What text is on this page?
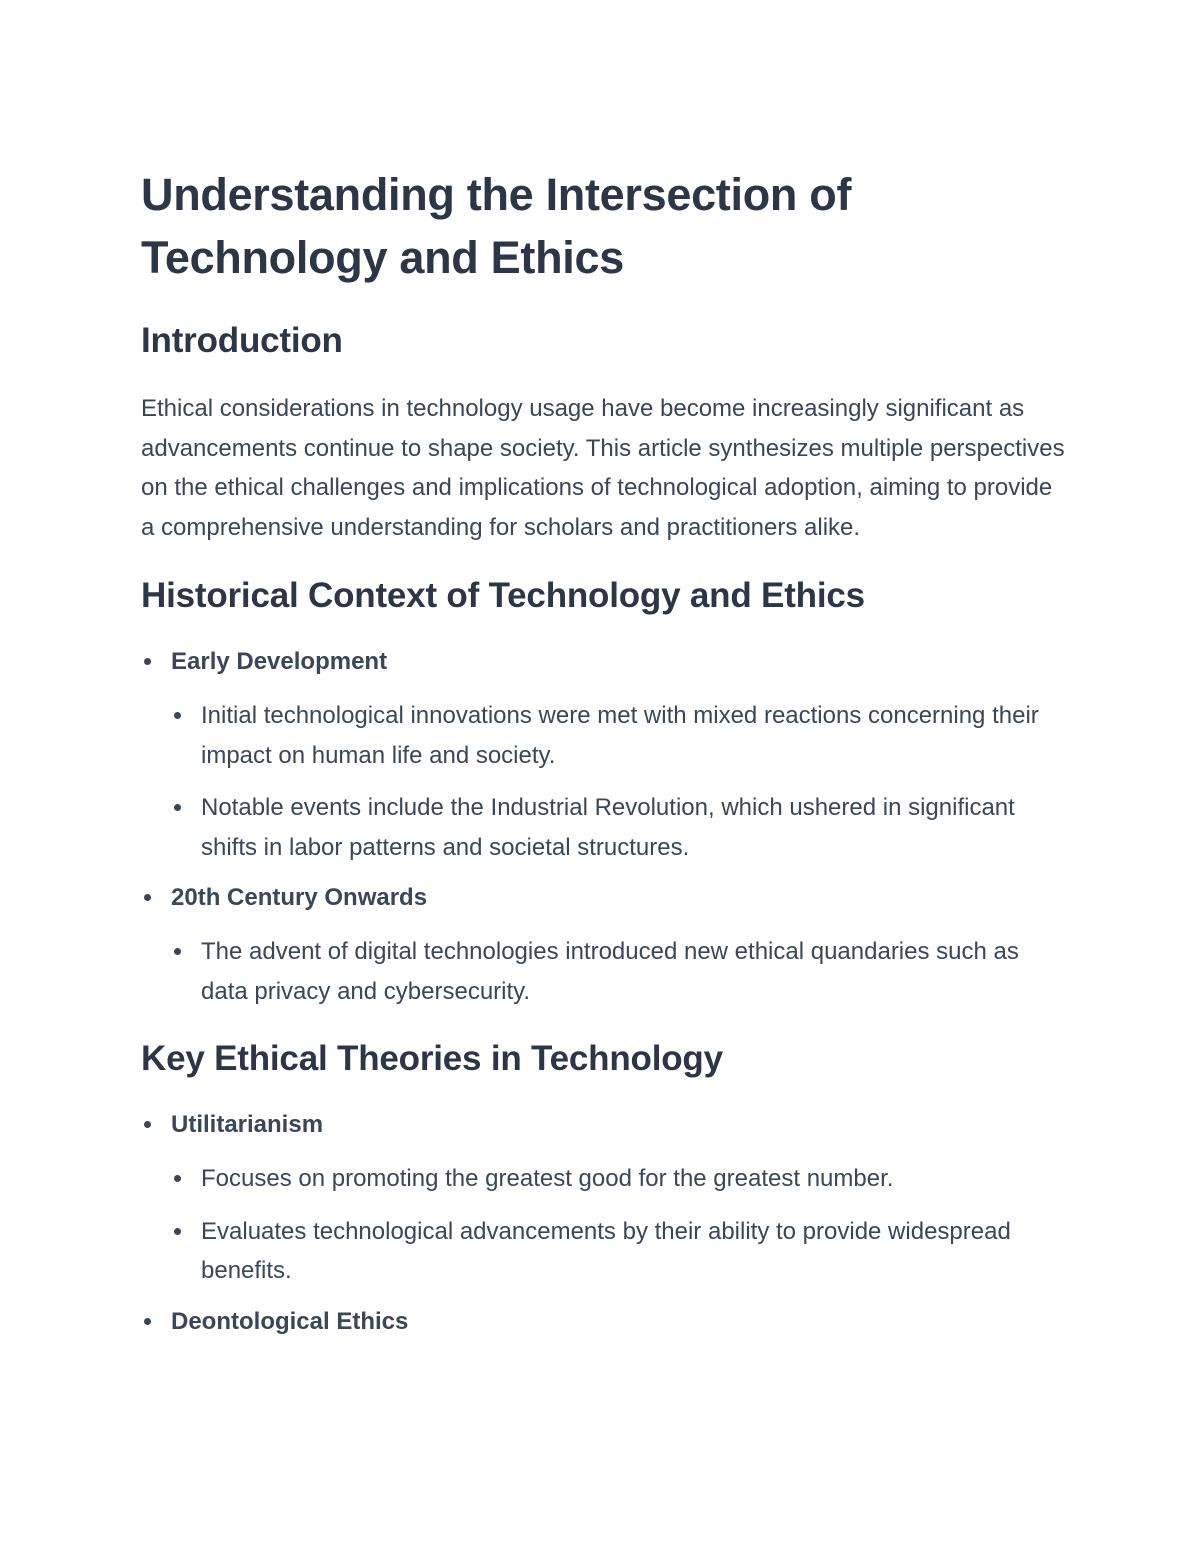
Understanding the Intersection of Technology and Ethics
Introduction

Ethical considerations in technology usage have become increasingly significant as advancements continue to shape society. This article synthesizes multiple perspectives on the ethical challenges and implications of technological adoption, aiming to provide a comprehensive understanding for scholars and practitioners alike.

Historical Context of Technology and Ethics
Early Development
Initial technological innovations were met with mixed reactions concerning their impact on human life and society.
Notable events include the Industrial Revolution, which ushered in significant shifts in labor patterns and societal structures.
20th Century Onwards
The advent of digital technologies introduced new ethical quandaries such as data privacy and cybersecurity.
Key Ethical Theories in Technology
Utilitarianism
Focuses on promoting the greatest good for the greatest number.
Evaluates technological advancements by their ability to provide widespread benefits.
Deontological Ethics
